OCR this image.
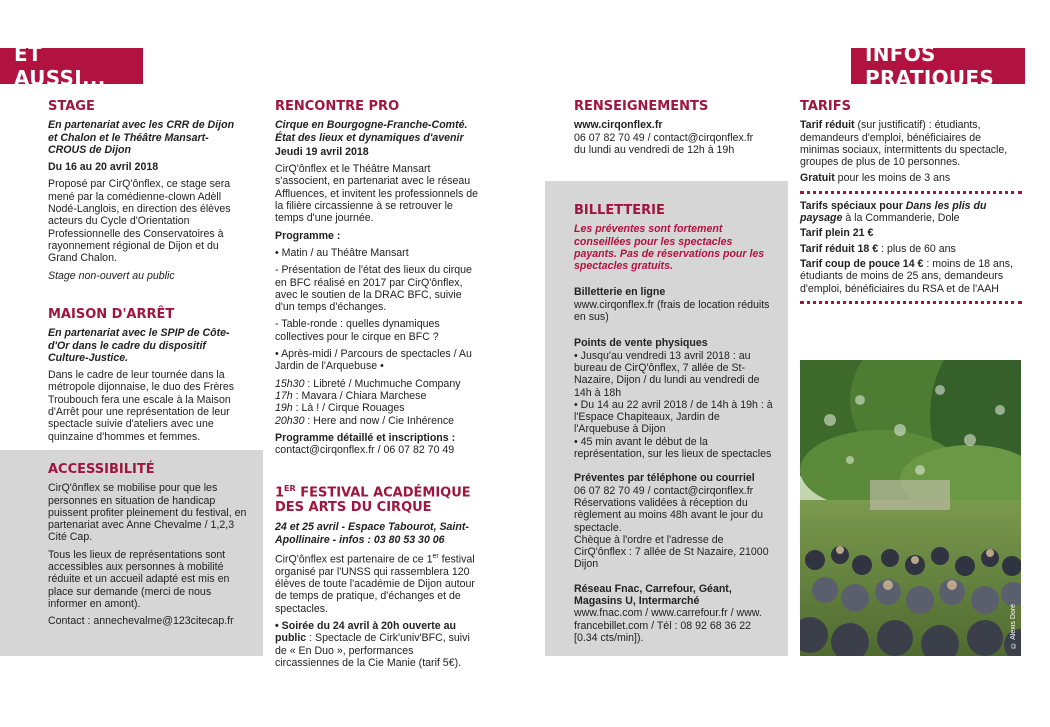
ET AUSSI...
INFOS PRATIQUES
STAGE

En partenariat avec les CRR de Dijon et Chalon et le Théâtre Mansart-CROUS de Dijon

Du 16 au 20 avril 2018

Proposé par CirQ'ônflex, ce stage sera mené par la comédienne-clown Adèll Nodé-Langlois, en direction des élèves acteurs du Cycle d'Orientation Professionnelle des Conservatoires à rayonnement régional de Dijon et du Grand Chalon.

Stage non-ouvert au public

MAISON D'ARRÊT

En partenariat avec le SPIP de Côte-d'Or dans le cadre du dispositif Culture-Justice.

Dans le cadre de leur tournée dans la métropole dijonnaise, le duo des Frères Troubouch fera une escale à la Maison d'Arrêt pour une représentation de leur spectacle suivie d'ateliers avec une quinzaine d'hommes et femmes.

ACCESSIBILITÉ

CirQ'ônflex se mobilise pour que les personnes en situation de handicap puissent profiter pleinement du festival, en partenariat avec Anne Chevalme / 1,2,3 Cité Cap.

Tous les lieux de représentations sont accessibles aux personnes à mobilité réduite et un accueil adapté est mis en place sur demande (merci de nous informer en amont).

Contact : annechevalme@123citecap.fr

RENCONTRE PRO

Cirque en Bourgogne-Franche-Comté. État des lieux et dynamiques d'avenir

Jeudi 19 avril 2018

CirQ'ônflex et le Théâtre Mansart s'associent, en partenariat avec le réseau Affluences, et invitent les professionnels de la filière circassienne à se retrouver le temps d'une journée.

Programme :

• Matin / au Théâtre Mansart

- Présentation de l'état des lieux du cirque en BFC réalisé en 2017 par CirQ'ônflex, avec le soutien de la DRAC BFC, suivie d'un temps d'échanges.

- Table-ronde : quelles dynamiques collectives pour le cirque en BFC ?

• Après-midi / Parcours de spectacles / Au Jardin de l'Arquebuse •

15h30 : Libreté / Muchmuche Company
17h : Mavara / Chiara Marchese
19h : Là ! / Cirque Rouages
20h30 : Here and now / Cie Inhérence

Programme détaillé et inscriptions :
contact@cirqonflex.fr / 06 07 82 70 49

1ER FESTIVAL ACADÉMIQUE
DES ARTS DU CIRQUE

24 et 25 avril - Espace Tabourot, Saint-Apollinaire - infos : 03 80 53 30 06

CirQ'ônflex est partenaire de ce 1er festival organisé par l'UNSS qui rassemblera 120 élèves de toute l'académie de Dijon autour de temps de pratique, d'échanges et de spectacles.

• Soirée du 24 avril à 20h ouverte au public : Spectacle de Cirk'univ'BFC, suivi de « En Duo », performances circassiennes de la Cie Manie (tarif 5€).

RENSEIGNEMENTS
www.cirqonflex.fr
06 07 82 70 49 / contact@cirqonflex.fr
du lundi au vendredi de 12h à 19h
BILLETTERIE

Les préventes sont fortement conseillées pour les spectacles payants. Pas de réservations pour les spectacles gratuits.

Billetterie en ligne

www.cirqonflex.fr (frais de location réduits en sus)

Points de vente physiques

• Jusqu'au vendredi 13 avril 2018 : au bureau de CirQ'ônflex, 7 allée de St-Nazaire, Dijon / du lundi au vendredi de 14h à 18h

• Du 14 au 22 avril 2018 / de 14h à 19h : à l'Espace Chapiteaux, Jardin de l'Arquebuse à Dijon

• 45 min avant le début de la représentation, sur les lieux de spectacles

Préventes par téléphone ou courriel

06 07 82 70 49 / contact@cirqonflex.fr Réservations validées à réception du règlement au moins 48h avant le jour du spectacle.

Chèque à l'ordre et l'adresse de CirQ'ônflex : 7 allée de St Nazaire, 21000 Dijon

Réseau Fnac, Carrefour, Géant, Magasins U, Intermarché

www.fnac.com / www.carrefour.fr / www. francebillet.com / Tél : 08 92 68 36 22 [0.34 cts/min]).

TARIFS

Tarif réduit (sur justificatif) : étudiants, demandeurs d'emploi, bénéficiaires de minimas sociaux, intermittents du spectacle, groupes de plus de 10 personnes.

Gratuit pour les moins de 3 ans

Tarifs spéciaux pour Dans les plis du paysage à la Commanderie, Dole

Tarif plein 21 €

Tarif réduit 18 € : plus de 60 ans

Tarif coup de pouce 14 € : moins de 18 ans, étudiants de moins de 25 ans, demandeurs d'emploi, bénéficiaires du RSA et de l'AAH

© Alexis Doré
